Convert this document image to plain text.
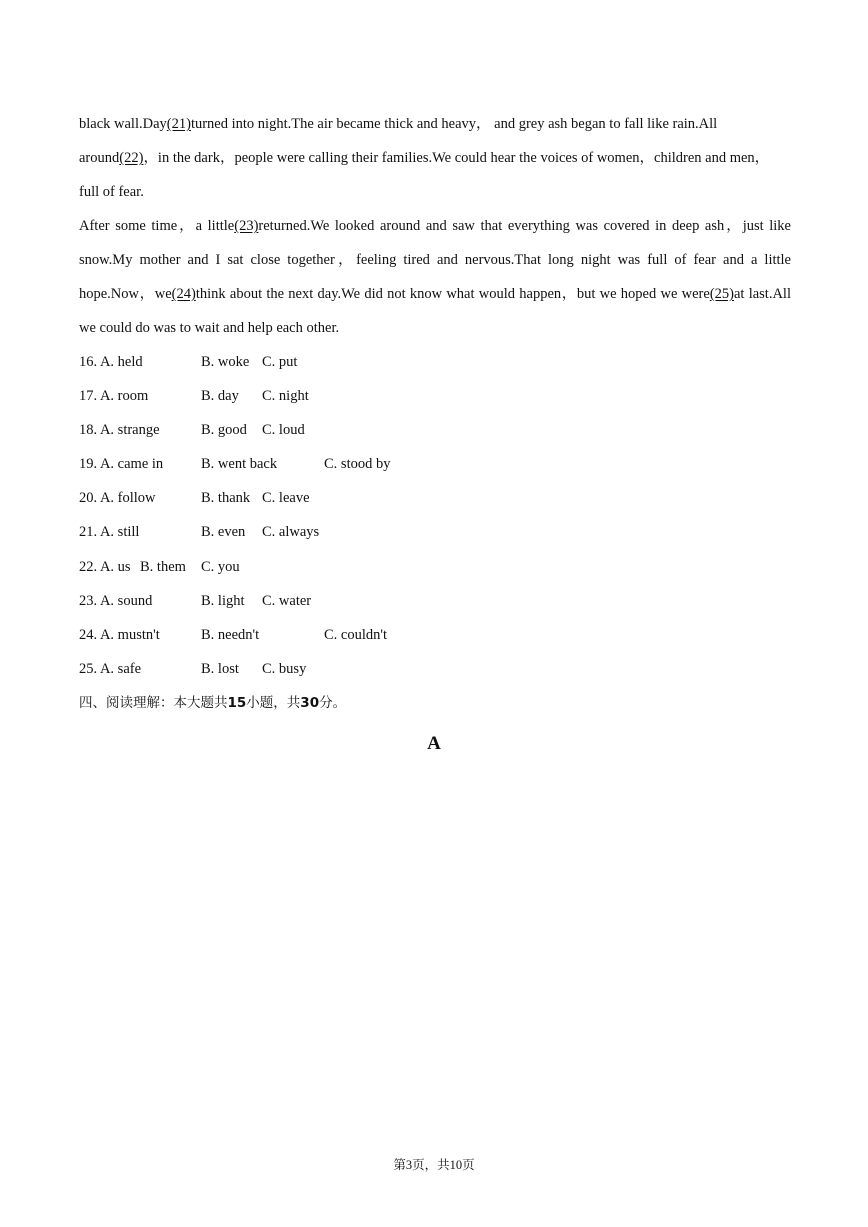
black wall.Day(21)turned into night.The air became thick and heavy， and grey ash began to fall like rain.All

around(22)，in the dark，people were calling their families.We could hear the voices of women，children and men，

full of fear.

After some time，a little(23)returned.We looked around and saw that everything was covered in deep ash，just like snow.My mother and I sat close together，feeling tired and nervous.That long night was full of fear and a little hope.Now，we(24)think about the next day.We did not know what would happen，but we hoped we were(25)at last.All we could do was to wait and help each other.

16. A. held	B. woke C. put
17. A. room	B. day C. night
18. A. strange	B. good C. loud
19. A. came in	B. went back	C. stood by
20. A. follow	B. thank C. leave
21. A. still	B. even C. always
22. A. us B. them C. you
23. A. sound	B. light C. water
24. A. mustn't	B. needn't	C. couldn't
25. A. safe	B. lost C. busy
四、阅读理解：本大题共15小题，共30分。
A
第3页，共10页
